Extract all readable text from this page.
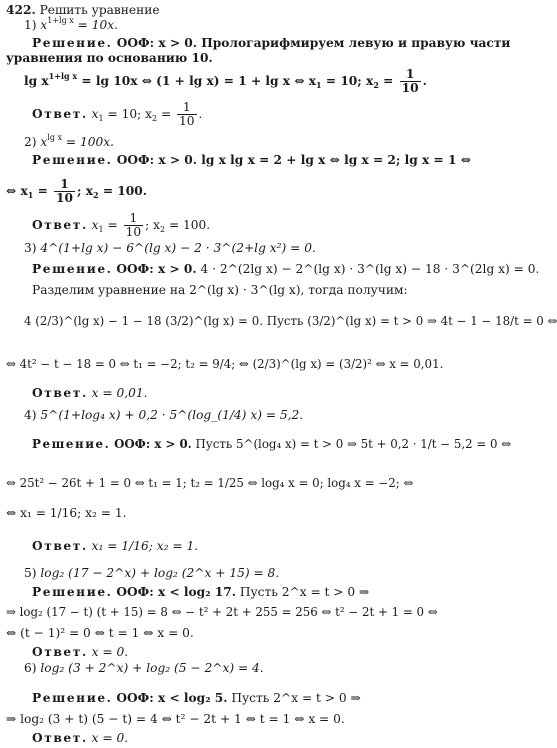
422. Решить уравнение
1) $x^{1+lg x} = 10x$.
Решение. ООФ: x > 0. Прологарифмируем левую и правую части
уравнения по основанию 10.
$\lg x^{1+lg x} = \lg 10x$ ⇔ (1 + lg x) = 1 + lg x ⇔ $x_1 = 10$; $x_2 = \frac{1}{10}$ .
Ответ. $x_1 = 10$; $x_2 = \frac{1}{10}$ .
2) $x^{lg x} = 100x$.
Решение. ООФ: x > 0. lg x lg x = 2 + lg x ⇔ lg x = 2; lg x = 1 ⇔
⇔ $x_1 = \frac{1}{10}$ ; $x_2 = 100$.
Ответ. $x_1 = \frac{1}{10}$ ; $x_2 = 100$.
3) 4^(1+lg x) − 6^(lg x) − 2 · 3^(2+lg x²) = 0.
Решение. ООФ: x > 0. 4 · 2^(2lg x) − 2^(lg x) · 3^(lg x) − 18 · 3^(2lg x) = 0.
Разделим уравнение на 2^(lg x) · 3^(lg x), тогда получим:
4 (2/3)^(lg x) − 1 − 18 (3/2)^(lg x) = 0. Пусть (3/2)^(lg x) = t > 0 ⇒ 4t − 1 − 18/t = 0 ⇔
⇔ 4t² − t − 18 = 0 ⇔ t₁ = −2; t₂ = 9/4; ⇔ (2/3)^(lg x) = (3/2)² ⇔ x = 0,01.
Ответ. x = 0,01.
4) 5^(1+log₄ x) + 0,2 · 5^(log_(1/4) x) = 5,2.
Решение. ООФ: x > 0. Пусть 5^(log₄ x) = t > 0 ⇒ 5t + 0,2 · 1/t − 5,2 = 0 ⇔
⇔ 25t² − 26t + 1 = 0 ⇔ t₁ = 1; t₂ = 1/25 ⇔ log₄ x = 0; log₄ x = −2; ⇔
⇔ x₁ = 1/16; x₂ = 1.
Ответ. x₁ = 1/16; x₂ = 1.
5) log₂ (17 − 2^x) + log₂ (2^x + 15) = 8.
Решение. ООФ: x < log₂ 17. Пусть 2^x = t > 0 ⇒
⇒ log₂ (17 − t) (t + 15) = 8 ⇔ − t² + 2t + 255 = 256 ⇔ t² − 2t + 1 = 0 ⇔
⇔ (t − 1)² = 0 ⇔ t = 1 ⇔ x = 0.
Ответ. x = 0.
6) log₂ (3 + 2^x) + log₂ (5 − 2^x) = 4.
Решение. ООФ: x < log₂ 5. Пусть 2^x = t > 0 ⇒
⇒ log₂ (3 + t) (5 − t) = 4 ⇔ t² − 2t + 1 ⇔ t = 1 ⇔ x = 0.
Ответ. x = 0.
